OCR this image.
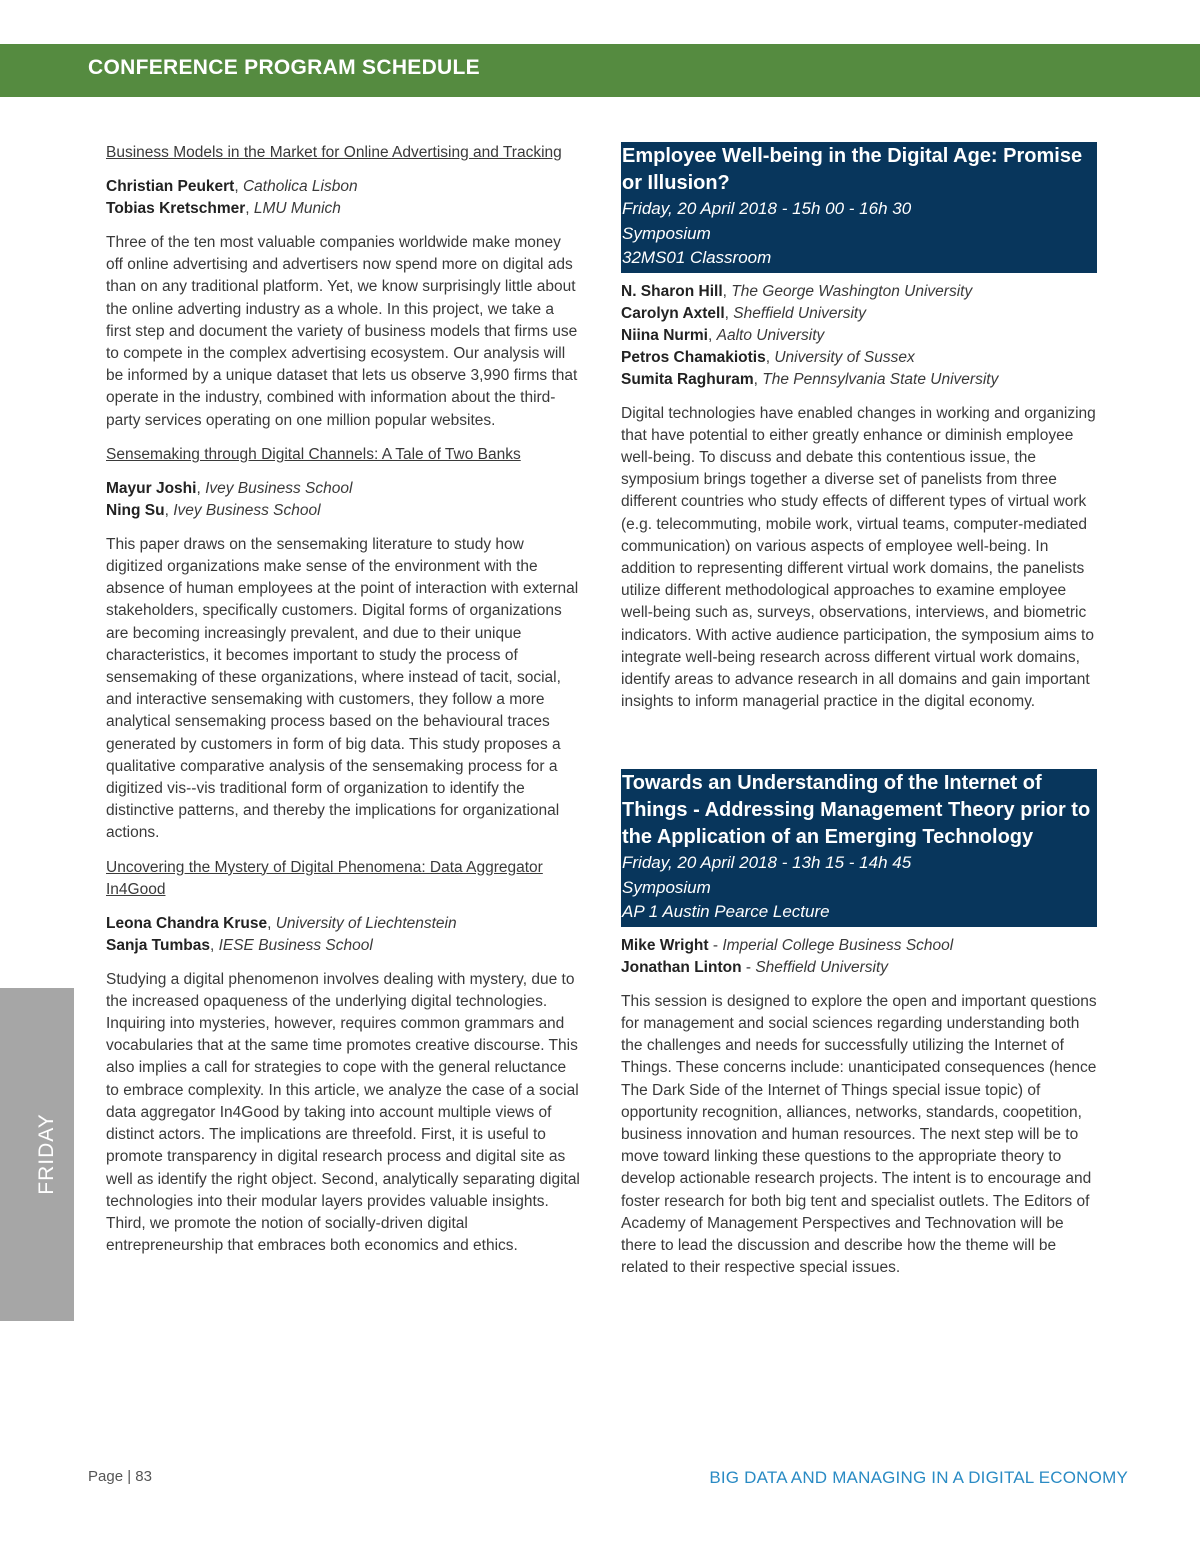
CONFERENCE PROGRAM SCHEDULE
Business Models in the Market for Online Advertising and Tracking
Christian Peukert, Catholica Lisbon
Tobias Kretschmer, LMU Munich
Three of the ten most valuable companies worldwide make money off online advertising and advertisers now spend more on digital ads than on any traditional platform. Yet, we know surprisingly little about the online adverting industry as a whole. In this project, we take a first step and document the variety of business models that firms use to compete in the complex advertising ecosystem. Our analysis will be informed by a unique dataset that lets us observe 3,990 firms that operate in the industry, combined with information about the third-party services operating on one million popular websites.
Sensemaking through Digital Channels: A Tale of Two Banks
Mayur Joshi, Ivey Business School
Ning Su, Ivey Business School
This paper draws on the sensemaking literature to study how digitized organizations make sense of the environment with the absence of human employees at the point of interaction with external stakeholders, specifically customers. Digital forms of organizations are becoming increasingly prevalent, and due to their unique characteristics, it becomes important to study the process of sensemaking of these organizations, where instead of tacit, social, and interactive sensemaking with customers, they follow a more analytical sensemaking process based on the behavioural traces generated by customers in form of big data. This study proposes a qualitative comparative analysis of the sensemaking process for a digitized vis--vis traditional form of organization to identify the distinctive patterns, and thereby the implications for organizational actions.
Uncovering the Mystery of Digital Phenomena: Data Aggregator In4Good
Leona Chandra Kruse, University of Liechtenstein
Sanja Tumbas, IESE Business School
Studying a digital phenomenon involves dealing with mystery, due to the increased opaqueness of the underlying digital technologies. Inquiring into mysteries, however, requires common grammars and vocabularies that at the same time promotes creative discourse. This also implies a call for strategies to cope with the general reluctance to embrace complexity. In this article, we analyze the case of a social data aggregator In4Good by taking into account multiple views of distinct actors. The implications are threefold. First, it is useful to promote transparency in digital research process and digital site as well as identify the right object. Second, analytically separating digital technologies into their modular layers provides valuable insights. Third, we promote the notion of socially-driven digital entrepreneurship that embraces both economics and ethics.
Employee Well-being in the Digital Age: Promise or Illusion?
Friday, 20 April 2018 - 15h 00 - 16h 30
Symposium
32MS01 Classroom
N. Sharon Hill, The George Washington University
Carolyn Axtell, Sheffield University
Niina Nurmi, Aalto University
Petros Chamakiotis, University of Sussex
Sumita Raghuram, The Pennsylvania State University
Digital technologies have enabled changes in working and organizing that have potential to either greatly enhance or diminish employee well-being. To discuss and debate this contentious issue, the symposium brings together a diverse set of panelists from three different countries who study effects of different types of virtual work (e.g. telecommuting, mobile work, virtual teams, computer-mediated communication) on various aspects of employee well-being. In addition to representing different virtual work domains, the panelists utilize different methodological approaches to examine employee well-being such as, surveys, observations, interviews, and biometric indicators. With active audience participation, the symposium aims to integrate well-being research across different virtual work domains, identify areas to advance research in all domains and gain important insights to inform managerial practice in the digital economy.
Towards an Understanding of the Internet of Things - Addressing Management Theory prior to the Application of an Emerging Technology
Friday, 20 April 2018 - 13h 15 - 14h 45
Symposium
AP 1 Austin Pearce Lecture
Mike Wright - Imperial College Business School
Jonathan Linton - Sheffield University
This session is designed to explore the open and important questions for management and social sciences regarding understanding both the challenges and needs for successfully utilizing the Internet of Things. These concerns include: unanticipated consequences (hence The Dark Side of the Internet of Things special issue topic) of opportunity recognition, alliances, networks, standards, coopetition, business innovation and human resources. The next step will be to move toward linking these questions to the appropriate theory to develop actionable research projects. The intent is to encourage and foster research for both big tent and specialist outlets. The Editors of Academy of Management Perspectives and Technovation will be there to lead the discussion and describe how the theme will be related to their respective special issues.
FRIDAY
Page | 83	BIG DATA AND MANAGING IN A DIGITAL ECONOMY
